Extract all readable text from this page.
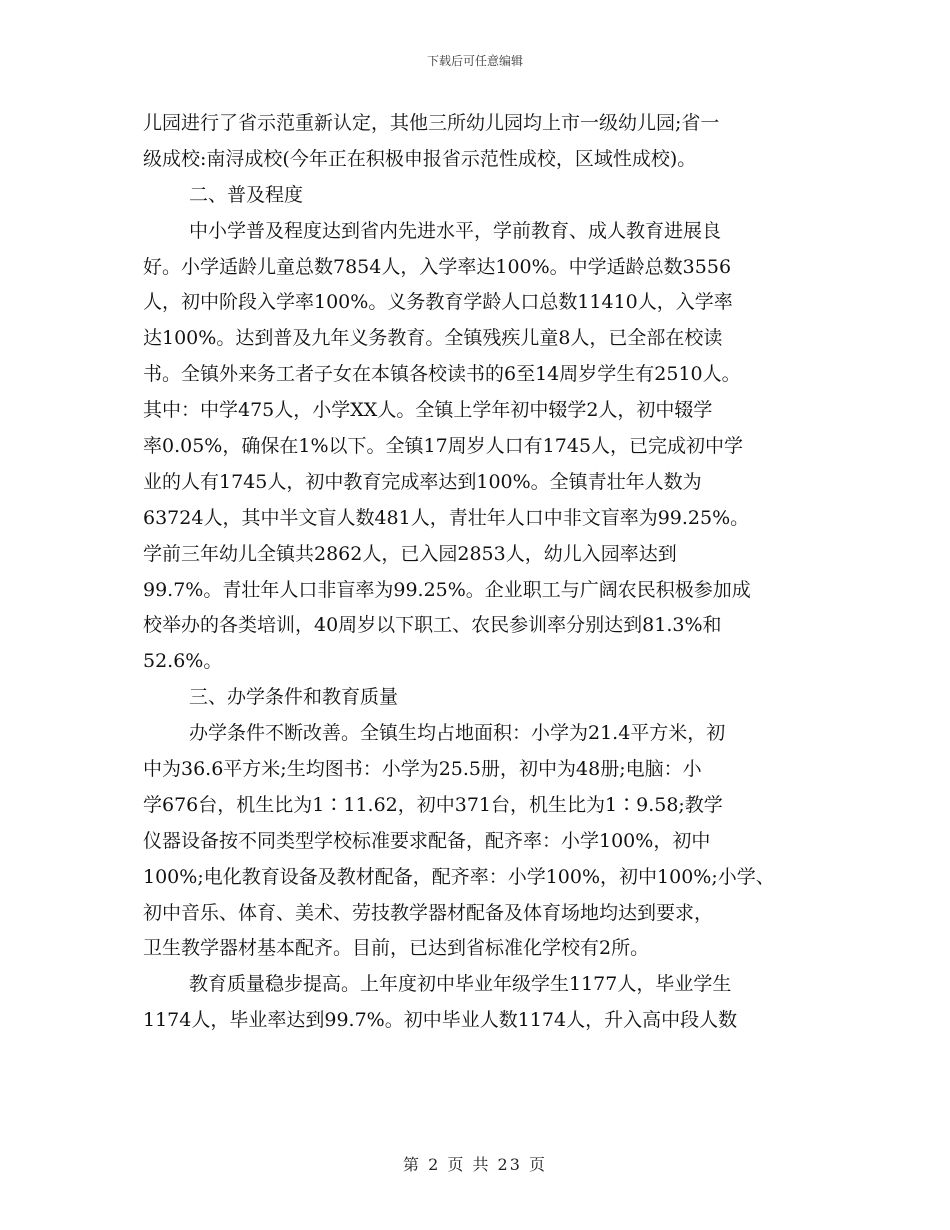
下载后可任意编辑
儿园进行了省示范重新认定，其他三所幼儿园均上市一级幼儿园;省一
级成校:南浔成校(今年正在积极申报省示范性成校，区域性成校)。
二、普及程度
中小学普及程度达到省内先进水平，学前教育、成人教育进展良
好。小学适龄儿童总数7854人，入学率达100%。中学适龄总数3556
人，初中阶段入学率100%。义务教育学龄人口总数11410人，入学率
达100%。达到普及九年义务教育。全镇残疾儿童8人，已全部在校读
书。全镇外来务工者子女在本镇各校读书的6至14周岁学生有2510人。
其中：中学475人，小学XX人。全镇上学年初中辍学2人，初中辍学
率0.05%，确保在1%以下。全镇17周岁人口有1745人，已完成初中学
业的人有1745人，初中教育完成率达到100%。全镇青壮年人数为
63724人，其中半文盲人数481人，青壮年人口中非文盲率为99.25%。
学前三年幼儿全镇共2862人，已入园2853人，幼儿入园率达到
99.7%。青壮年人口非盲率为99.25%。企业职工与广阔农民积极参加成
校举办的各类培训，40周岁以下职工、农民参训率分别达到81.3%和
52.6%。
三、办学条件和教育质量
办学条件不断改善。全镇生均占地面积：小学为21.4平方米，初
中为36.6平方米;生均图书：小学为25.5册，初中为48册;电脑：小
学676台，机生比为1∶11.62，初中371台，机生比为1∶9.58;教学
仪器设备按不同类型学校标准要求配备，配齐率：小学100%，初中
100%;电化教育设备及教材配备，配齐率：小学100%，初中100%;小学、
初中音乐、体育、美术、劳技教学器材配备及体育场地均达到要求，
卫生教学器材基本配齐。目前，已达到省标准化学校有2所。
教育质量稳步提高。上年度初中毕业年级学生1177人，毕业学生
1174人，毕业率达到99.7%。初中毕业人数1174人，升入高中段人数
第 2 页 共 23 页
